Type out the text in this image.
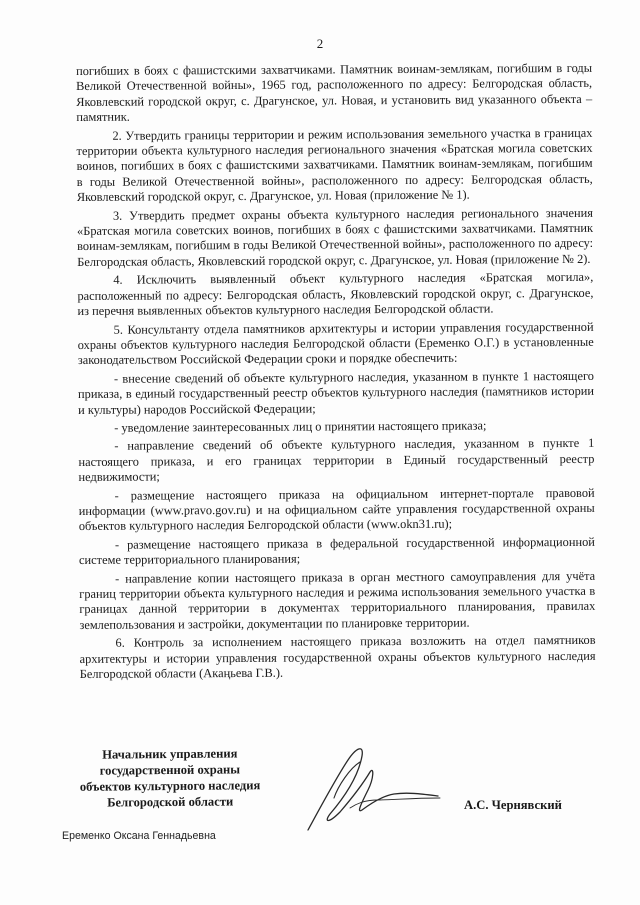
2

погибших в боях с фашистскими захватчиками. Памятник воинам-землякам, погибшим в годы Великой Отечественной войны», 1965 год, расположенного по адресу: Белгородская область, Яковлевский городской округ, с. Драгунское, ул. Новая, и установить вид указанного объекта – памятник.

2. Утвердить границы территории и режим использования земельного участка в границах территории объекта культурного наследия регионального значения «Братская могила советских воинов, погибших в боях с фашистскими захватчиками. Памятник воинам-землякам, погибшим в годы Великой Отечественной войны», расположенного по адресу: Белгородская область, Яковлевский городской округ, с. Драгунское, ул. Новая (приложение № 1).

3. Утвердить предмет охраны объекта культурного наследия регионального значения «Братская могила советских воинов, погибших в боях с фашистскими захватчиками. Памятник воинам-землякам, погибшим в годы Великой Отечественной войны», расположенного по адресу: Белгородская область, Яковлевский городской округ, с. Драгунское, ул. Новая (приложение № 2).

4. Исключить выявленный объект культурного наследия «Братская могила», расположенный по адресу: Белгородская область, Яковлевский городской округ, с. Драгунское, из перечня выявленных объектов культурного наследия Белгородской области.

5. Консультанту отдела памятников архитектуры и истории управления государственной охраны объектов культурного наследия Белгородской области (Еременко О.Г.) в установленные законодательством Российской Федерации сроки и порядке обеспечить:

- внесение сведений об объекте культурного наследия, указанном в пункте 1 настоящего приказа, в единый государственный реестр объектов культурного наследия (памятников истории и культуры) народов Российской Федерации;

- уведомление заинтересованных лиц о принятии настоящего приказа;

- направление сведений об объекте культурного наследия, указанном в пункте 1 настоящего приказа, и его границах территории в Единый государственный реестр недвижимости;

- размещение настоящего приказа на официальном интернет-портале правовой информации (www.pravo.gov.ru) и на официальном сайте управления государственной охраны объектов культурного наследия Белгородской области (www.okn31.ru);

- размещение настоящего приказа в федеральной государственной информационной системе территориального планирования;

- направление копии настоящего приказа в орган местного самоуправления для учёта границ территории объекта культурного наследия и режима использования земельного участка в границах данной территории в документах территориального планирования, правилах землепользования и застройки, документации по планировке территории.

6. Контроль за исполнением настоящего приказа возложить на отдел памятников архитектуры и истории управления государственной охраны объектов культурного наследия Белгородской области (Акаңьева Г.В.).

Начальник управления
государственной охраны
объектов культурного наследия
Белгородской области	А.С. Чернявский
Еременко Оксана Геннадьевна
